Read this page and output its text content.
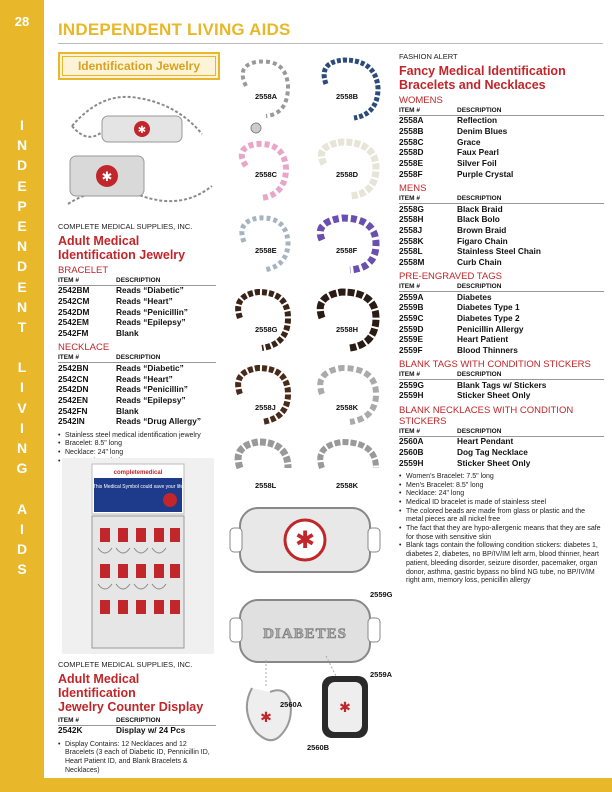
28
I
N
D
E
P
E
N
D
E
N
T
L
I
V
I
N
G
A
I
D
S
INDEPENDENT LIVING AIDS
Identification Jewelry
✱
✱
COMPLETE MEDICAL SUPPLIES, INC.
Adult Medical
Identification Jewelry
BRACELET
ITEM #	DESCRIPTION
2542BM	Reads “Diabetic”
2542CM	Reads “Heart”
2542DM	Reads “Penicillin”
2542EM	Reads “Epilepsy”
2542FM	Blank
NECKLACE
ITEM #	DESCRIPTION
2542BN	Reads “Diabetic”
2542CN	Reads “Heart”
2542DN	Reads “Penicillin”
2542EN	Reads “Epilepsy”
2542FN	Blank
2542IN	Reads “Drug Allergy”
• Stainless steel medical identification jewelry
• Bracelet: 8.5" long
• Necklace: 24" long
•
completemedical
This Medical Symbol could save your life
COMPLETE MEDICAL SUPPLIES, INC.
Adult Medical Identification
Jewelry Counter Display
ITEM #	DESCRIPTION
2542K	Display w/ 24 Pcs
• Display Contains: 12 Necklaces and 12 Bracelets (3 each of Diabetic ID, Pennicillin ID, Heart Patient ID, and Blank Bracelets & Necklaces)
2558A	2558B
2558C	2558D
2558E	2558F
2558G	2558H
2558J	2558K
2558L	2558K
✱
DIABETES
✱
✱
2559G
2559A
2560A
2560B
FASHION ALERT
Fancy Medical Identification
Bracelets and Necklaces
WOMENS
ITEM #	DESCRIPTION
2558A	Reflection
2558B	Denim Blues
2558C	Grace
2558D	Faux Pearl
2558E	Silver Foil
2558F	Purple Crystal
MENS
ITEM #	DESCRIPTION
2558G	Black Braid
2558H	Black Bolo
2558J	Brown Braid
2558K	Figaro Chain
2558L	Stainless Steel Chain
2558M	Curb Chain
PRE-ENGRAVED TAGS
ITEM #	DESCRIPTION
2559A	Diabetes
2559B	Diabetes Type 1
2559C	Diabetes Type 2
2559D	Penicillin Allergy
2559E	Heart Patient
2559F	Blood Thinners
BLANK TAGS WITH CONDITION STICKERS
ITEM #	DESCRIPTION
2559G	Blank Tags w/ Stickers
2559H	Sticker Sheet Only
BLANK NECKLACES WITH CONDITION STICKERS
ITEM #	DESCRIPTION
2560A	Heart Pendant
2560B	Dog Tag Necklace
2559H	Sticker Sheet Only
• Women’s Bracelet: 7.5" long
• Men’s Bracelet: 8.5" long
• Necklace: 24" long
• Medical ID bracelet is made of stainless steel
• The colored beads are made from glass or plastic and the metal pieces are all nickel free
• The fact that they are hypo-allergenic means that they are safe for those with sensitive skin
• Blank tags contain the following condition stickers: diabetes 1, diabetes 2, diabetes, no BP/IV/IM left arm, blood thinner, heart patient, bleeding disorder, seizure disorder, pacemaker, organ donor, asthma, gastric bypass no blind NG tube, no BP/IV/IM right arm, memory loss, penicillin allergy
